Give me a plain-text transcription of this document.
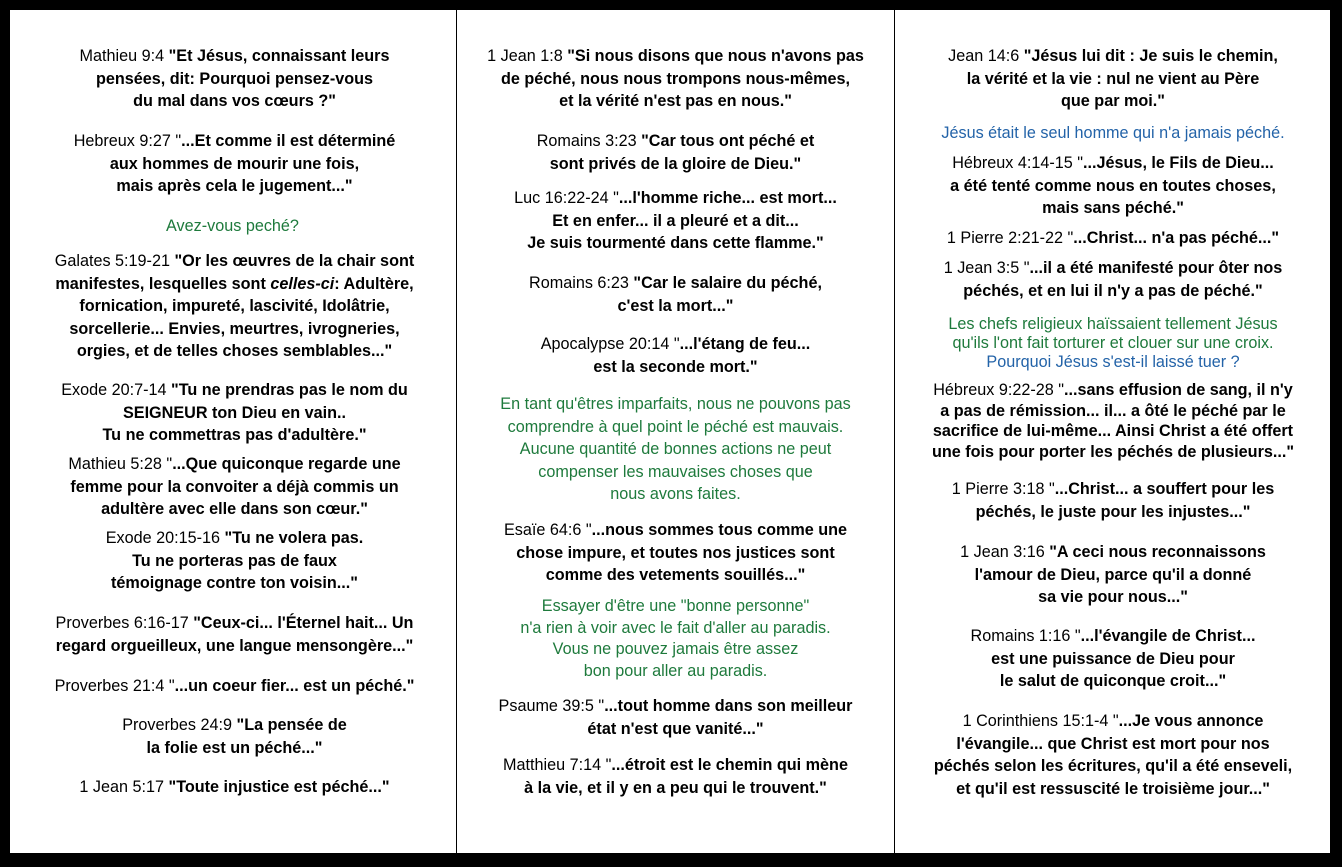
Mathieu 9:4 "Et Jésus, connaissant leurs
pensées, dit: Pourquoi pensez-vous
du mal dans vos cœurs ?"
Hebreux 9:27 "...Et comme il est déterminé
aux hommes de mourir une fois,
mais après cela le jugement..."
Avez-vous peché?
Galates 5:19-21 "Or les œuvres de la chair sont
manifestes, lesquelles sont celles-ci: Adultère,
fornication, impureté, lascivité, Idolâtrie,
sorcellerie... Envies, meurtres, ivrogneries,
orgies, et de telles choses semblables..."
Exode 20:7-14 "Tu ne prendras pas le nom du
SEIGNEUR ton Dieu en vain..
Tu ne commettras pas d'adultère."
Mathieu 5:28 "...Que quiconque regarde une
femme pour la convoiter a déjà commis un
adultère avec elle dans son cœur."
Exode 20:15-16 "Tu ne volera pas.
Tu ne porteras pas de faux
témoignage contre ton voisin..."
Proverbes 6:16-17 "Ceux-ci... l'Éternel hait... Un
regard orgueilleux, une langue mensongère..."
Proverbes 21:4 "...un coeur fier... est un péché."
Proverbes 24:9 "La pensée de
la folie est un péché..."
1 Jean 5:17 "Toute injustice est péché..."
1 Jean 1:8 "Si nous disons que nous n'avons pas
de péché, nous nous trompons nous-mêmes,
et la vérité n'est pas en nous."
Romains 3:23 "Car tous ont péché et
sont privés de la gloire de Dieu."
Luc 16:22-24 "...l'homme riche... est mort...
Et en enfer... il a pleuré et a dit...
Je suis tourmenté dans cette flamme."
Romains 6:23 "Car le salaire du péché,
c'est la mort..."
Apocalypse 20:14 "...l'étang de feu...
est la seconde mort."
En tant qu'êtres imparfaits, nous ne pouvons pas
comprendre à quel point le péché est mauvais.
Aucune quantité de bonnes actions ne peut
compenser les mauvaises choses que
nous avons faites.
Esaïe 64:6 "...nous sommes tous comme une
chose impure, et toutes nos justices sont
comme des vetements souillés..."
Essayer d'être une "bonne personne"
n'a rien à voir avec le fait d'aller au paradis.
Vous ne pouvez jamais être assez
bon pour aller au paradis.
Psaume 39:5 "...tout homme dans son meilleur
état n'est que vanité..."
Matthieu 7:14 "...étroit est le chemin qui mène
à la vie, et il y en a peu qui le trouvent."
Jean 14:6 "Jésus lui dit : Je suis le chemin,
la vérité et la vie : nul ne vient au Père
que par moi."
Jésus était le seul homme qui n'a jamais péché.
Hébreux 4:14-15 "...Jésus, le Fils de Dieu...
a été tenté comme nous en toutes choses,
mais sans péché."
1 Pierre 2:21-22 "...Christ... n'a pas péché..."
1 Jean 3:5 "...il a été manifesté pour ôter nos
péchés, et en lui il n'y a pas de péché."
Les chefs religieux haïssaient tellement Jésus
qu'ils l'ont fait torturer et clouer sur une croix.
Pourquoi Jésus s'est-il laissé tuer ?
Hébreux 9:22-28 "...sans effusion de sang, il n'y
a pas de rémission... il... a ôté le péché par le
sacrifice de lui-même... Ainsi Christ a été offert
une fois pour porter les péchés de plusieurs..."
1 Pierre 3:18 "...Christ... a souffert pour les
péchés, le juste pour les injustes..."
1 Jean 3:16 "A ceci nous reconnaissons
l'amour de Dieu, parce qu'il a donné
sa vie pour nous..."
Romains 1:16 "...l'évangile de Christ...
est une puissance de Dieu pour
le salut de quiconque croit..."
1 Corinthiens 15:1-4 "...Je vous annonce
l'évangile... que Christ est mort pour nos
péchés selon les écritures, qu'il a été enseveli,
et qu'il est ressuscité le troisième jour..."
